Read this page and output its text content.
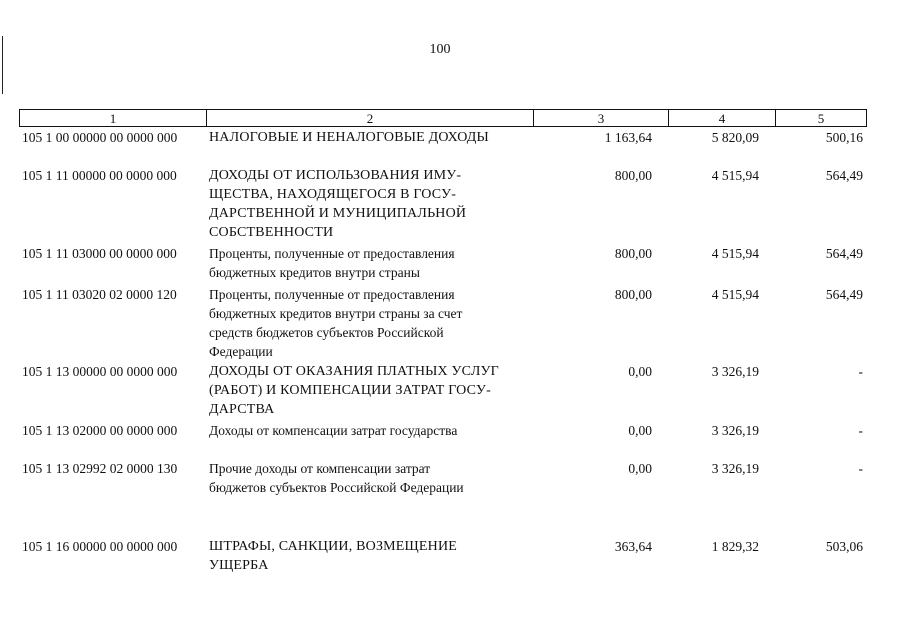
100
1	2	3	4	5
105 1 00 00000 00 0000 000 НАЛОГОВЫЕ И НЕНАЛОГОВЫЕ ДОХОДЫ	1 163,64	5 820,09	500,16
105 1 11 00000 00 0000 000 ДОХОДЫ ОТ ИСПОЛЬЗОВАНИЯ ИМУ-
ЩЕСТВА, НАХОДЯЩЕГОСЯ В ГОСУ-
ДАРСТВЕННОЙ И МУНИЦИПАЛЬНОЙ
СОБСТВЕННОСТИ
800,00	4 515,94	564,49
105 1 11 03000 00 0000 000 Проценты, полученные от предоставления
бюджетных кредитов внутри страны
800,00	4 515,94	564,49
105 1 11 03020 02 0000 120 Проценты, полученные от предоставления
бюджетных кредитов внутри страны за счет
средств бюджетов субъектов Российской
Федерации
800,00	4 515,94	564,49
105 1 13 00000 00 0000 000 ДОХОДЫ ОТ ОКАЗАНИЯ ПЛАТНЫХ УСЛУГ
(РАБОТ) И КОМПЕНСАЦИИ ЗАТРАТ ГОСУ-
ДАРСТВА
0,00	3 326,19	-
105 1 13 02000 00 0000 000 Доходы от компенсации затрат государства	0,00	3 326,19	-
105 1 13 02992 02 0000 130 Прочие доходы от компенсации затрат
бюджетов субъектов Российской Федерации
0,00	3 326,19	-
105 1 16 00000 00 0000 000 ШТРАФЫ, САНКЦИИ, ВОЗМЕЩЕНИЕ
УЩЕРБА
363,64	1 829,32	503,06
